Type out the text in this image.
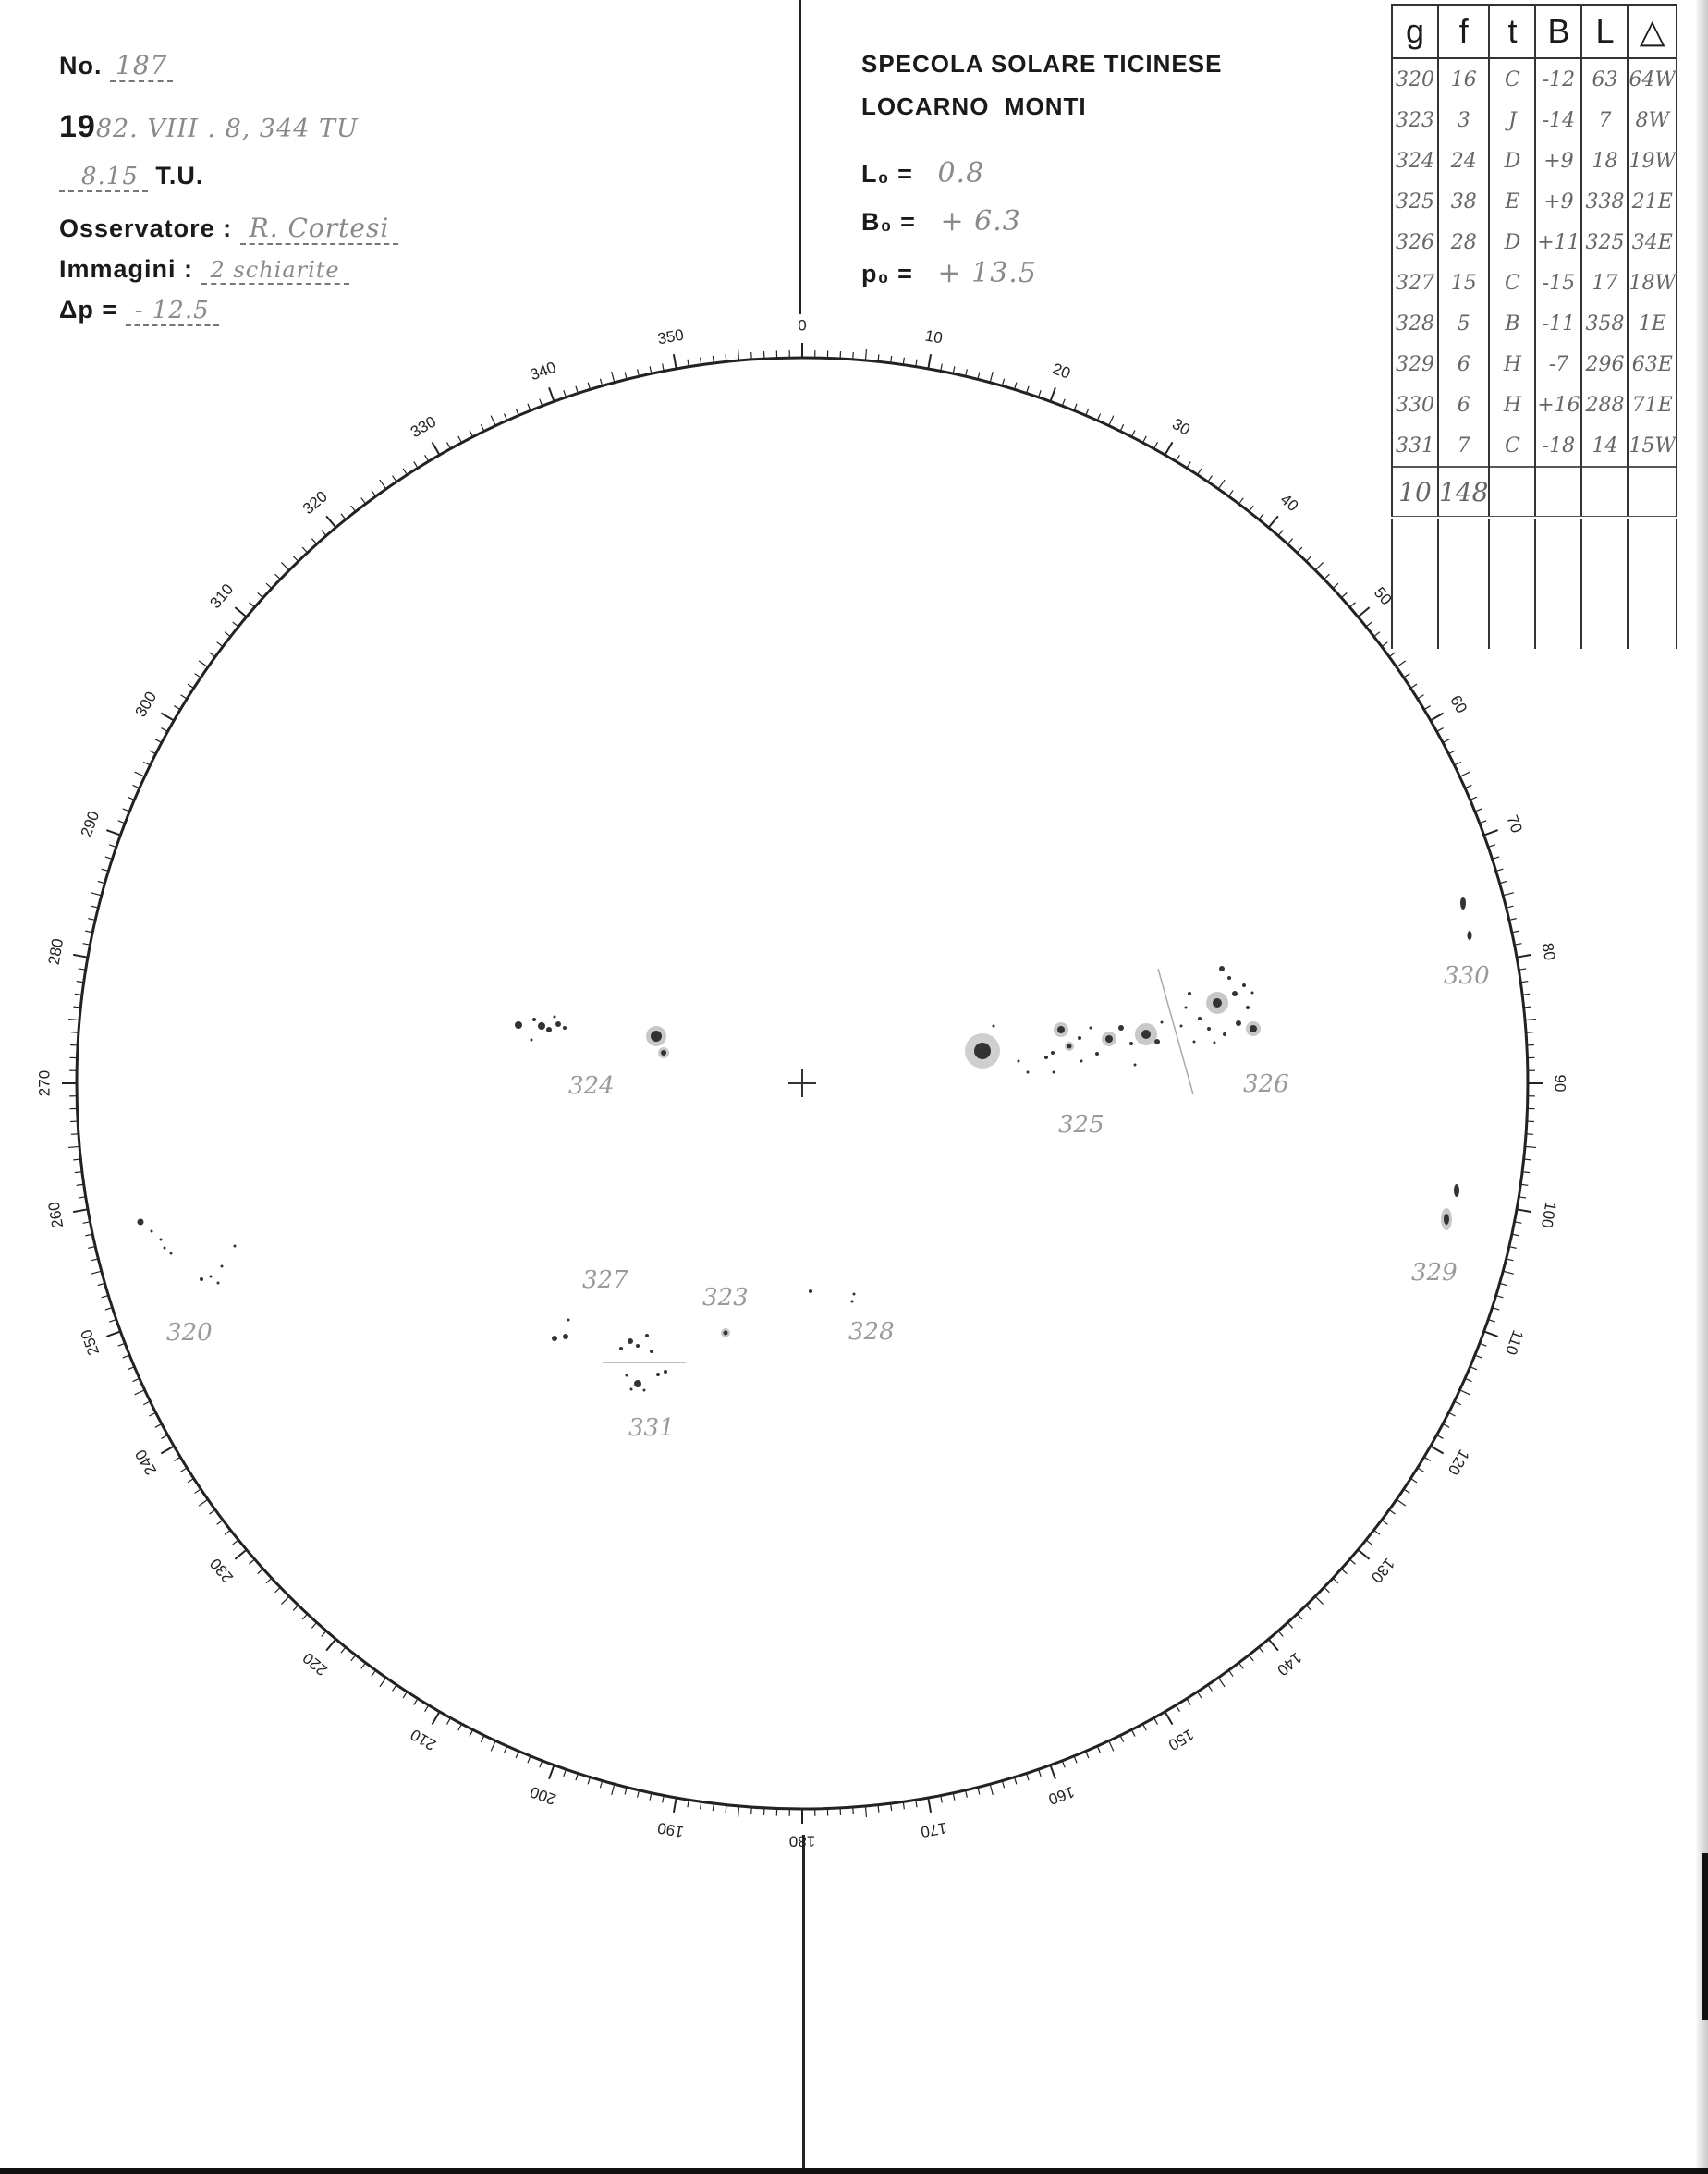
No. 187
1982. VIII . 8, 344 TU
8.15 T.U.
Osservatore : R. Cortesi
Immagini : 2 schiarite
Δp = - 12.5
SPECOLA SOLARE TICINESE
LOCARNO  MONTI
L₀ = 0.8
B₀ = + 6.3
p₀ = + 13.5
g	f	t	B	L	△
320	16	C	-12	63	64W
323	3	J	-14	7	8W
324	24	D	+9	18	19W
325	38	E	+9	338	21E
326	28	D	+11	325	34E
327	15	C	-15	17	18W
328	5	B	-11	358	1E
329	6	H	-7	296	63E
330	6	H	+16	288	71E
331	7	C	-18	14	15W
10	148				

0
10
20
30
40
50
60
70
80
90
100
110
120
130
140
150
160
170
180
190
200
210
220
230
240
250
260
270
280
290
300
310
320
330
340
350
324
325
326
330
329
320
327
323
328
331
